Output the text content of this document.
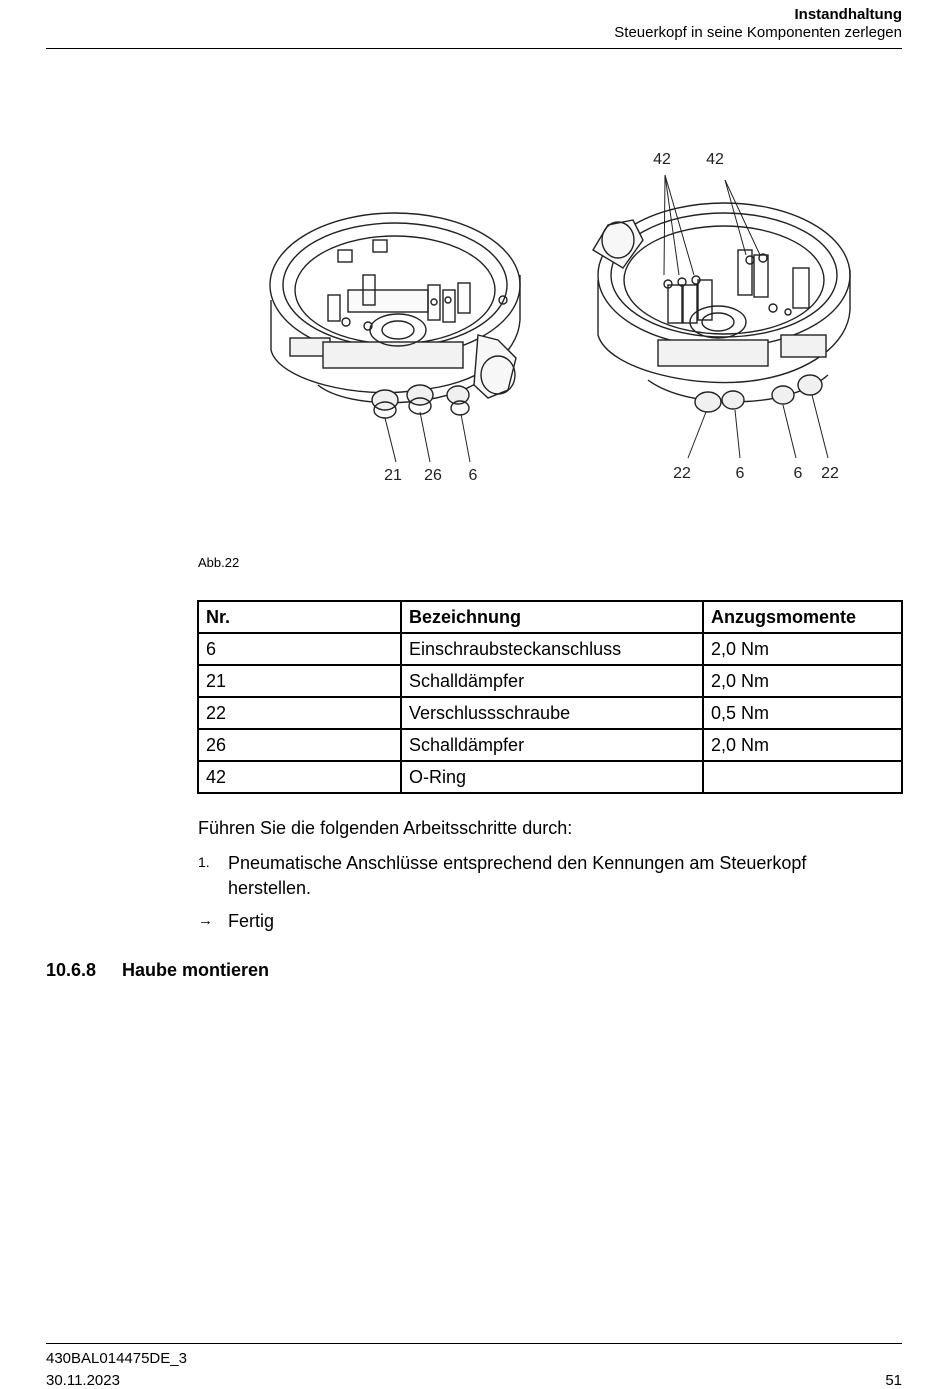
Instandhaltung
Steuerkopf in seine Komponenten zerlegen
21 26 6
42 42
22	6	6 22
Abb.22
Nr.	Bezeichnung	Anzugsmomente
6	Einschraubsteckanschluss	2,0 Nm
21	Schalldämpfer	2,0 Nm
22	Verschlussschraube	0,5 Nm
26	Schalldämpfer	2,0 Nm
42	O-Ring	
Führen Sie die folgenden Arbeitsschritte durch:
1. Pneumatische Anschlüsse entsprechend den Kennungen am Steuerkopf herstellen.
→ Fertig
10.6.8 Haube montieren
430BAL014475DE_3
30.11.2023	51
